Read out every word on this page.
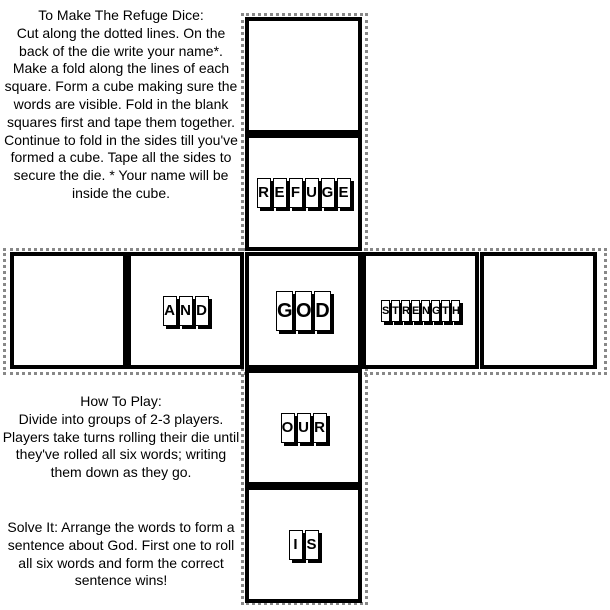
To Make The Refuge Dice:
Cut along the dotted lines. On the back of the die write your name*. Make a fold along the lines of each square. Form a cube making sure the words are visible. Fold in the blank squares first and tape them together. Continue to fold in the sides till you've formed a cube. Tape all the sides to secure the die. * Your name will be inside the cube.
How To Play:
Divide into groups of 2-3 players. Players take turns rolling their die until they've rolled all six words; writing them down as they go.
Solve It: Arrange the words to form a sentence about God. First one to roll all six words and form the correct sentence wins!
R E F U G E
A N D	G O D	S T R E N G T H
O U R
I S
